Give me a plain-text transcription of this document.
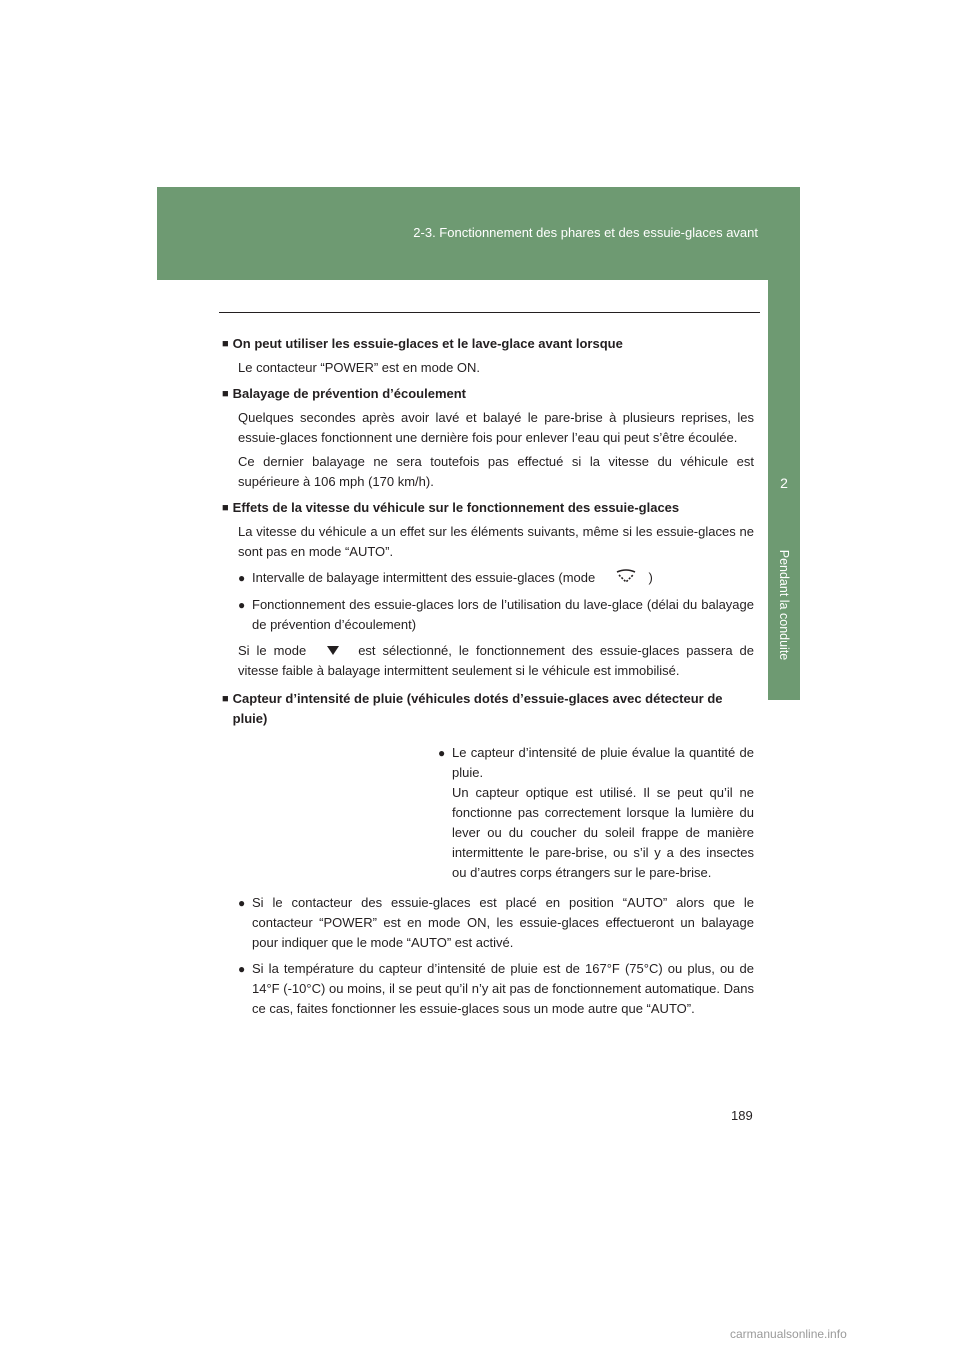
2-3. Fonctionnement des phares et des essuie-glaces avant
2
Pendant la conduite
■ On peut utiliser les essuie-glaces et le lave-glace avant lorsque
Le contacteur “POWER” est en mode ON.
■ Balayage de prévention d’écoulement
Quelques secondes après avoir lavé et balayé le pare-brise à plusieurs reprises, les essuie-glaces fonctionnent une dernière fois pour enlever l’eau qui peut s’être écoulée.
Ce dernier balayage ne sera toutefois pas effectué si la vitesse du véhicule est supérieure à 106 mph (170 km/h).
■ Effets de la vitesse du véhicule sur le fonctionnement des essuie-glaces
La vitesse du véhicule a un effet sur les éléments suivants, même si les essuie-glaces ne sont pas en mode “AUTO”.
● Intervalle de balayage intermittent des essuie-glaces (mode	)
● Fonctionnement des essuie-glaces lors de l’utilisation du lave-glace (délai du balayage de prévention d’écoulement)
Si le mode	est sélectionné, le fonctionnement des essuie-glaces passera de vitesse faible à balayage intermittent seulement si le véhicule est immobilisé.
■ Capteur d’intensité de pluie (véhicules dotés d’essuie-glaces avec détecteur de pluie)
● Le capteur d’intensité de pluie évalue la quantité de pluie.
Un capteur optique est utilisé. Il se peut qu’il ne fonctionne pas correctement lorsque la lumière du lever ou du coucher du soleil frappe de manière intermittente le pare-brise, ou s’il y a des insectes ou d’autres corps étrangers sur le pare-brise.
● Si le contacteur des essuie-glaces est placé en position “AUTO” alors que le contacteur “POWER” est en mode ON, les essuie-glaces effectueront un balayage pour indiquer que le mode “AUTO” est activé.
● Si la température du capteur d’intensité de pluie est de 167°F (75°C) ou plus, ou de 14°F (-10°C) ou moins, il se peut qu’il n’y ait pas de fonctionnement automatique. Dans ce cas, faites fonctionner les essuie-glaces sous un mode autre que “AUTO”.
189
carmanualsonline.info
